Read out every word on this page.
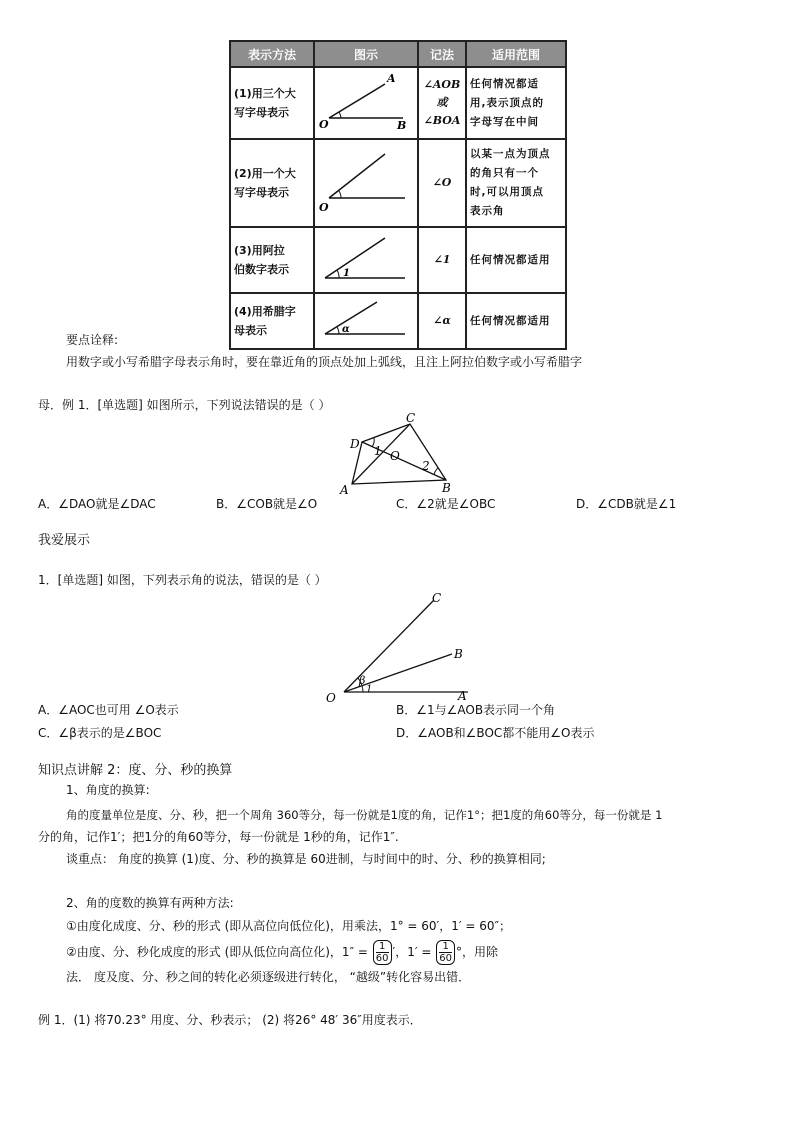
表示方法	图示	记法	适用范围
(1)用三个大
写字母表示	A
O B	∠AOB
或
∠BOA	任何情况都适
用,表示顶点的
字母写在中间
(2)用一个大
写字母表示	O	∠O	以某一点为顶点
的角只有一个
时,可以用顶点
表示角
(3)用阿拉
伯数字表示	1	∠1	任何情况都适用
(4)用希腊字
母表示	α	∠α	任何情况都适用
要点诠释:
用数字或小写希腊字母表示角时，要在靠近角的顶点处加上弧线，且注上阿拉伯数字或小写希腊字
母．例 1．[单选题] 如图所示，下列说法错误的是（ ）
D
C
O
1
2
A	B
A．∠DAO就是∠DAC	B．∠COB就是∠O	C．∠2就是∠OBC	D．∠CDB就是∠1
我爱展示
1．[单选题] 如图，下列表示角的说法，错误的是（ ）
C
B
O	A
β
1
A．∠AOC也可用 ∠O表示	B．∠1与∠AOB表示同一个角
C．∠β表示的是∠BOC	D．∠AOB和∠BOC都不能用∠O表示
知识点讲解 2：度、分、秒的换算
1、角度的换算:
角的度量单位是度、分、秒，把一个周角 360等分，每一份就是1度的角，记作1°；把1度的角60等分，每一份就是 1
分的角，记作1′；把1分的角60等分，每一份就是 1秒的角，记作1″.
谈重点： 角度的换算 (1)度、分、秒的换算是 60进制，与时间中的时、分、秒的换算相同;
2、角的度数的换算有两种方法:
①由度化成度、分、秒的形式 (即从高位向低位化)，用乘法，1° = 60′，1′ = 60″；
②由度、分、秒化成度的形式 (即从低位向高位化)，$1'' = \frac{1}{60}'$，$1' = \frac{1}{60}^\circ$，用除
法． 度及度、分、秒之间的转化必须逐级进行转化， “越级”转化容易出错．
例 1．(1) 将70.23° 用度、分、秒表示； (2) 将26° 48′ 36″用度表示．
